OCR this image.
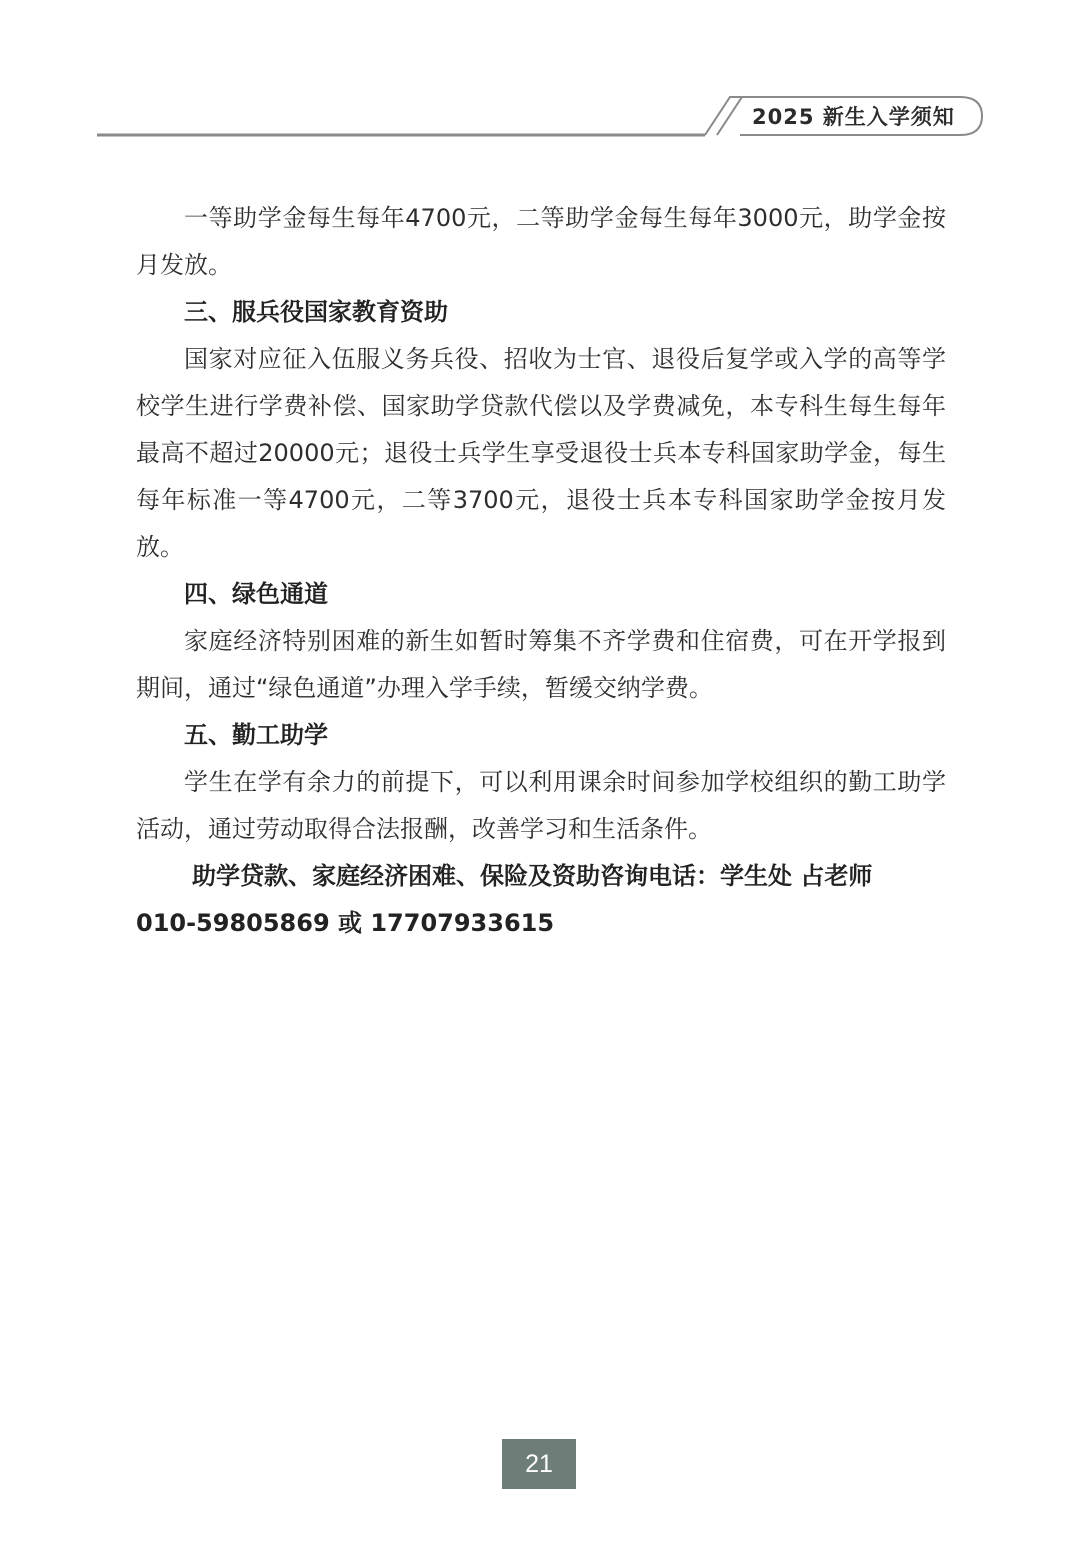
2025 新生入学须知

一等助学金每生每年4700元，二等助学金每生每年3000元，助学金按月发放。

三、服兵役国家教育资助

国家对应征入伍服义务兵役、招收为士官、退役后复学或入学的高等学校学生进行学费补偿、国家助学贷款代偿以及学费减免，本专科生每生每年最高不超过20000元；退役士兵学生享受退役士兵本专科国家助学金，每生每年标准一等4700元，二等3700元，退役士兵本专科国家助学金按月发放。

四、绿色通道

家庭经济特别困难的新生如暂时筹集不齐学费和住宿费，可在开学报到期间，通过“绿色通道”办理入学手续，暂缓交纳学费。

五、勤工助学

学生在学有余力的前提下，可以利用课余时间参加学校组织的勤工助学活动，通过劳动取得合法报酬，改善学习和生活条件。

助学贷款、家庭经济困难、保险及资助咨询电话：学生处 占老师
010-59805869 或 17707933615

21
